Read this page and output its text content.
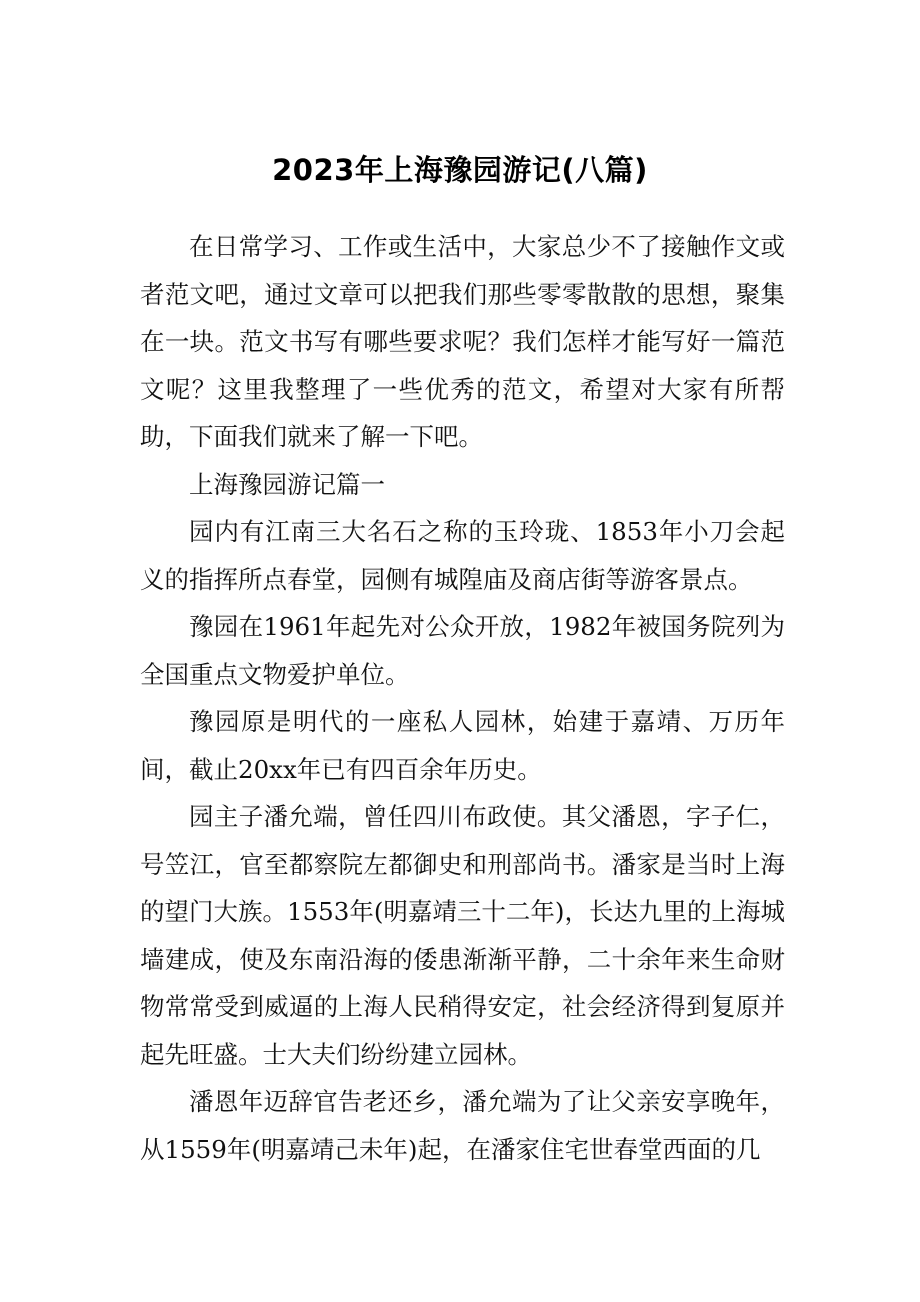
2023年上海豫园游记(八篇)

在日常学习、工作或生活中，大家总少不了接触作文或者范文吧，通过文章可以把我们那些零零散散的思想，聚集在一块。范文书写有哪些要求呢？我们怎样才能写好一篇范文呢？这里我整理了一些优秀的范文，希望对大家有所帮助，下面我们就来了解一下吧。

上海豫园游记篇一

园内有江南三大名石之称的玉玲珑、1853年小刀会起义的指挥所点春堂，园侧有城隍庙及商店街等游客景点。

豫园在1961年起先对公众开放，1982年被国务院列为全国重点文物爱护单位。

豫园原是明代的一座私人园林，始建于嘉靖、万历年间，截止20xx年已有四百余年历史。

园主子潘允端，曾任四川布政使。其父潘恩，字子仁，号笠江，官至都察院左都御史和刑部尚书。潘家是当时上海的望门大族。1553年(明嘉靖三十二年)，长达九里的上海城墙建成，使及东南沿海的倭患渐渐平静，二十余年来生命财物常常受到威逼的上海人民稍得安定，社会经济得到复原并起先旺盛。士大夫们纷纷建立园林。

潘恩年迈辞官告老还乡，潘允端为了让父亲安享晚年，从1559年(明嘉靖己未年)起，在潘家住宅世春堂西面的几
